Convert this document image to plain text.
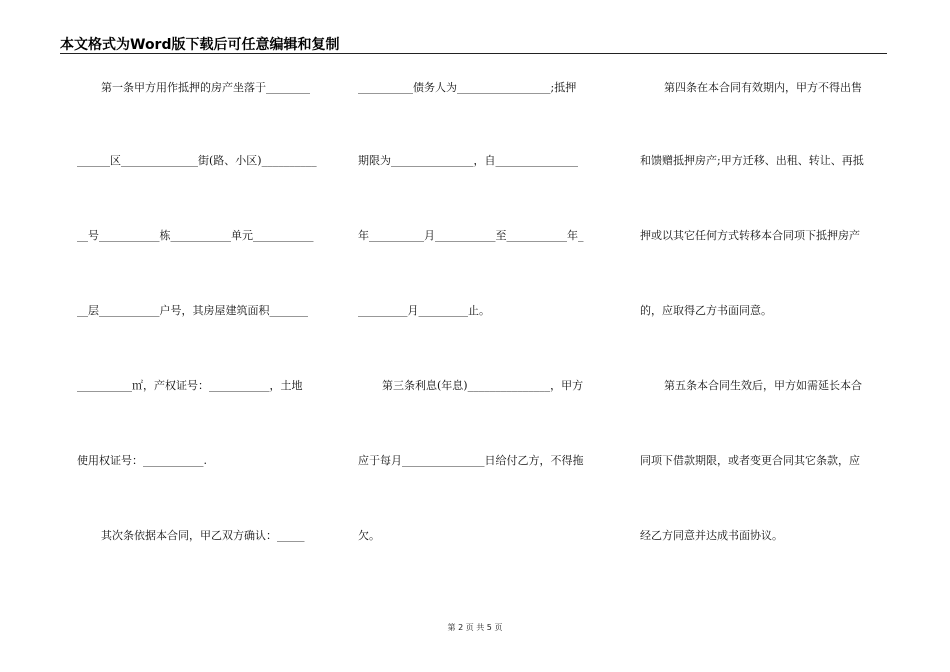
本文格式为Word版下载后可任意编辑和复制
第一条甲方用作抵押的房产坐落于________
______区______________街(路、小区)__________
__号___________栋___________单元___________
__层___________户号，其房屋建筑面积_______
__________㎡，产权证号：___________，土地
使用权证号：___________.
其次条依据本合同，甲乙双方确认：_____
__________债务人为_________________;抵押
期限为_______________，自_______________
年__________月___________至___________年_
_________月_________止。
第三条利息(年息)_______________，甲方
应于每月_______________日给付乙方，不得拖
欠。
第四条在本合同有效期内，甲方不得出售
和馈赠抵押房产;甲方迁移、出租、转让、再抵
押或以其它任何方式转移本合同项下抵押房产
的，应取得乙方书面同意。
第五条本合同生效后，甲方如需延长本合
同项下借款期限，或者变更合同其它条款，应
经乙方同意并达成书面协议。
第 2 页 共 5 页
